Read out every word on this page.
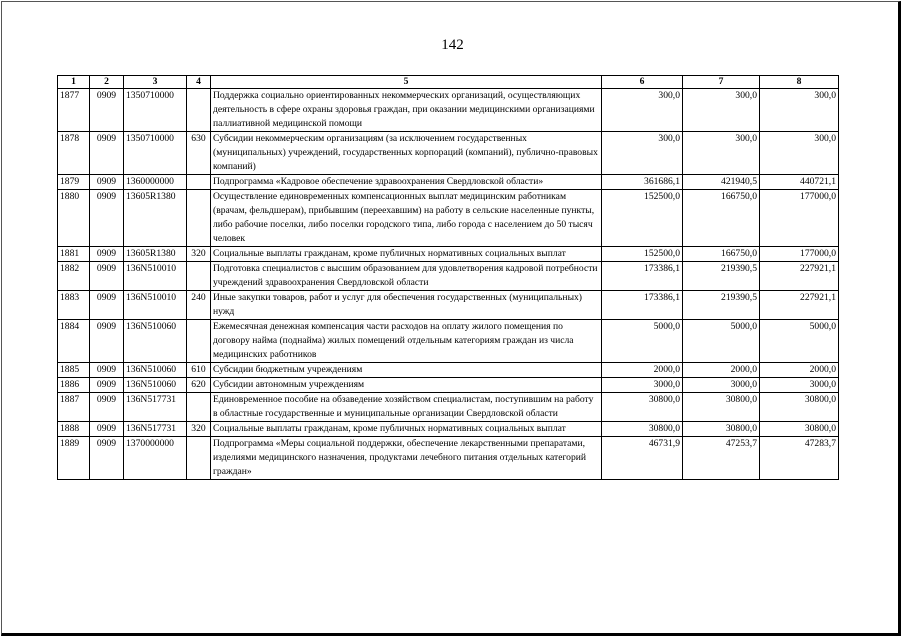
142
1	2	3	4	5	6	7	8
1877	0909	1350710000		Поддержка социально ориентированных некоммерческих организаций, осуществляющих деятельность в сфере охраны здоровья граждан, при оказании медицинскими организациями паллиативной медицинской помощи	300,0	300,0	300,0
1878	0909	1350710000	630	Субсидии некоммерческим организациям (за исключением государственных (муниципальных) учреждений, государственных корпораций (компаний), публично-правовых компаний)	300,0	300,0	300,0
1879	0909	1360000000		Подпрограмма «Кадровое обеспечение здравоохранения Свердловской области»	361686,1	421940,5	440721,1
1880	0909	13605R1380		Осуществление единовременных компенсационных выплат медицинским работникам (врачам, фельдшерам), прибывшим (переехавшим) на работу в сельские населенные пункты, либо рабочие поселки, либо поселки городского типа, либо города с населением до 50 тысяч человек	152500,0	166750,0	177000,0
1881	0909	13605R1380	320	Социальные выплаты гражданам, кроме публичных нормативных социальных выплат	152500,0	166750,0	177000,0
1882	0909	136N510010		Подготовка специалистов с высшим образованием для удовлетворения кадровой потребности учреждений здравоохранения Свердловской области	173386,1	219390,5	227921,1
1883	0909	136N510010	240	Иные закупки товаров, работ и услуг для обеспечения государственных (муниципальных) нужд	173386,1	219390,5	227921,1
1884	0909	136N510060		Ежемесячная денежная компенсация части расходов на оплату жилого помещения по договору найма (поднайма) жилых помещений отдельным категориям граждан из числа медицинских работников	5000,0	5000,0	5000,0
1885	0909	136N510060	610	Субсидии бюджетным учреждениям	2000,0	2000,0	2000,0
1886	0909	136N510060	620	Субсидии автономным учреждениям	3000,0	3000,0	3000,0
1887	0909	136N517731		Единовременное пособие на обзаведение хозяйством специалистам, поступившим на работу в областные государственные и муниципальные организации Свердловской области	30800,0	30800,0	30800,0
1888	0909	136N517731	320	Социальные выплаты гражданам, кроме публичных нормативных социальных выплат	30800,0	30800,0	30800,0
1889	0909	1370000000		Подпрограмма «Меры социальной поддержки, обеспечение лекарственными препаратами, изделиями медицинского назначения, продуктами лечебного питания отдельных категорий граждан»	46731,9	47253,7	47283,7
